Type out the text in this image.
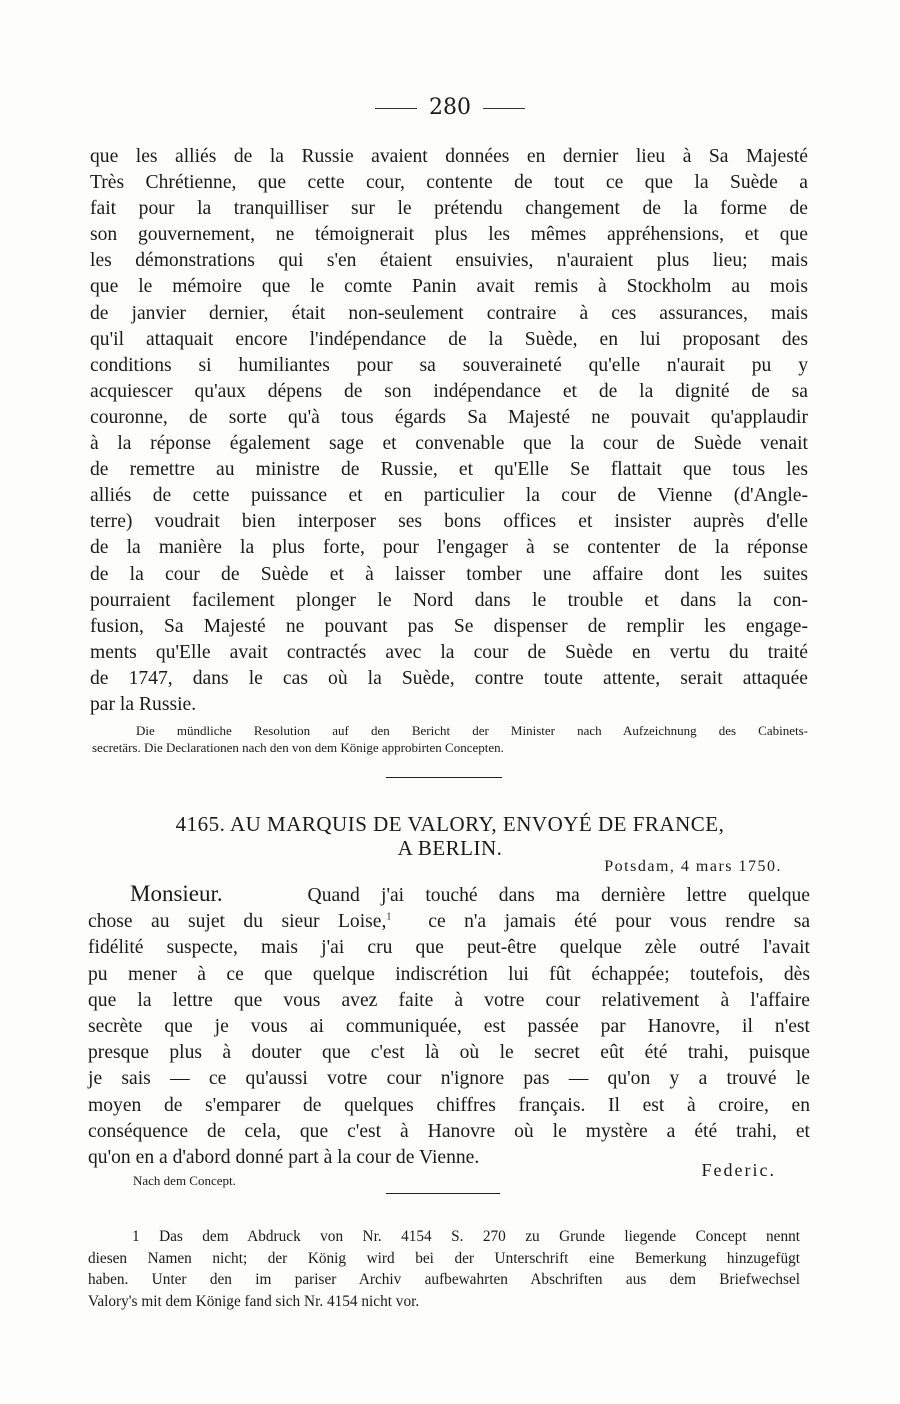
280
que les alliés de la Russie avaient données en dernier lieu à Sa Majesté
Très Chrétienne, que cette cour, contente de tout ce que la Suède a
fait pour la tranquilliser sur le prétendu changement de la forme de
son gouvernement, ne témoignerait plus les mêmes appréhensions, et que
les démonstrations qui s'en étaient ensuivies, n'auraient plus lieu; mais
que le mémoire que le comte Panin avait remis à Stockholm au mois
de janvier dernier, était non-seulement contraire à ces assurances, mais
qu'il attaquait encore l'indépendance de la Suède, en lui proposant des
conditions si humiliantes pour sa souveraineté qu'elle n'aurait pu y
acquiescer qu'aux dépens de son indépendance et de la dignité de sa
couronne, de sorte qu'à tous égards Sa Majesté ne pouvait qu'applaudir
à la réponse également sage et convenable que la cour de Suède venait
de remettre au ministre de Russie, et qu'Elle Se flattait que tous les
alliés de cette puissance et en particulier la cour de Vienne (d'Angle-
terre) voudrait bien interposer ses bons offices et insister auprès d'elle
de la manière la plus forte, pour l'engager à se contenter de la réponse
de la cour de Suède et à laisser tomber une affaire dont les suites
pourraient facilement plonger le Nord dans le trouble et dans la con-
fusion, Sa Majesté ne pouvant pas Se dispenser de remplir les engage-
ments qu'Elle avait contractés avec la cour de Suède en vertu du traité
de 1747, dans le cas où la Suède, contre toute attente, serait attaquée
par la Russie.
Die mündliche Resolution auf den Bericht der Minister nach Aufzeichnung des Cabinets-
secretärs. Die Declarationen nach den von dem Könige approbirten Concepten.
4165. AU MARQUIS DE VALORY, ENVOYÉ DE FRANCE,
A BERLIN.
Potsdam, 4 mars 1750.
Monsieur.	Quand j'ai touché dans ma dernière lettre quelque
chose au sujet du sieur Loise,$^1$ ce n'a jamais été pour vous rendre sa
fidélité suspecte, mais j'ai cru que peut-être quelque zèle outré l'avait
pu mener à ce que quelque indiscrétion lui fût échappée; toutefois, dès
que la lettre que vous avez faite à votre cour relativement à l'affaire
secrète que je vous ai communiquée, est passée par Hanovre, il n'est
presque plus à douter que c'est là où le secret eût été trahi, puisque
je sais — ce qu'aussi votre cour n'ignore pas — qu'on y a trouvé le
moyen de s'emparer de quelques chiffres français. Il est à croire, en
conséquence de cela, que c'est à Hanovre où le mystère a été trahi, et
qu'on en a d'abord donné part à la cour de Vienne.
Federic.
Nach dem Concept.
1 Das dem Abdruck von Nr. 4154 S. 270 zu Grunde liegende Concept nennt
diesen Namen nicht; der König wird bei der Unterschrift eine Bemerkung hinzugefügt
haben. Unter den im pariser Archiv aufbewahrten Abschriften aus dem Briefwechsel
Valory's mit dem Könige fand sich Nr. 4154 nicht vor.
